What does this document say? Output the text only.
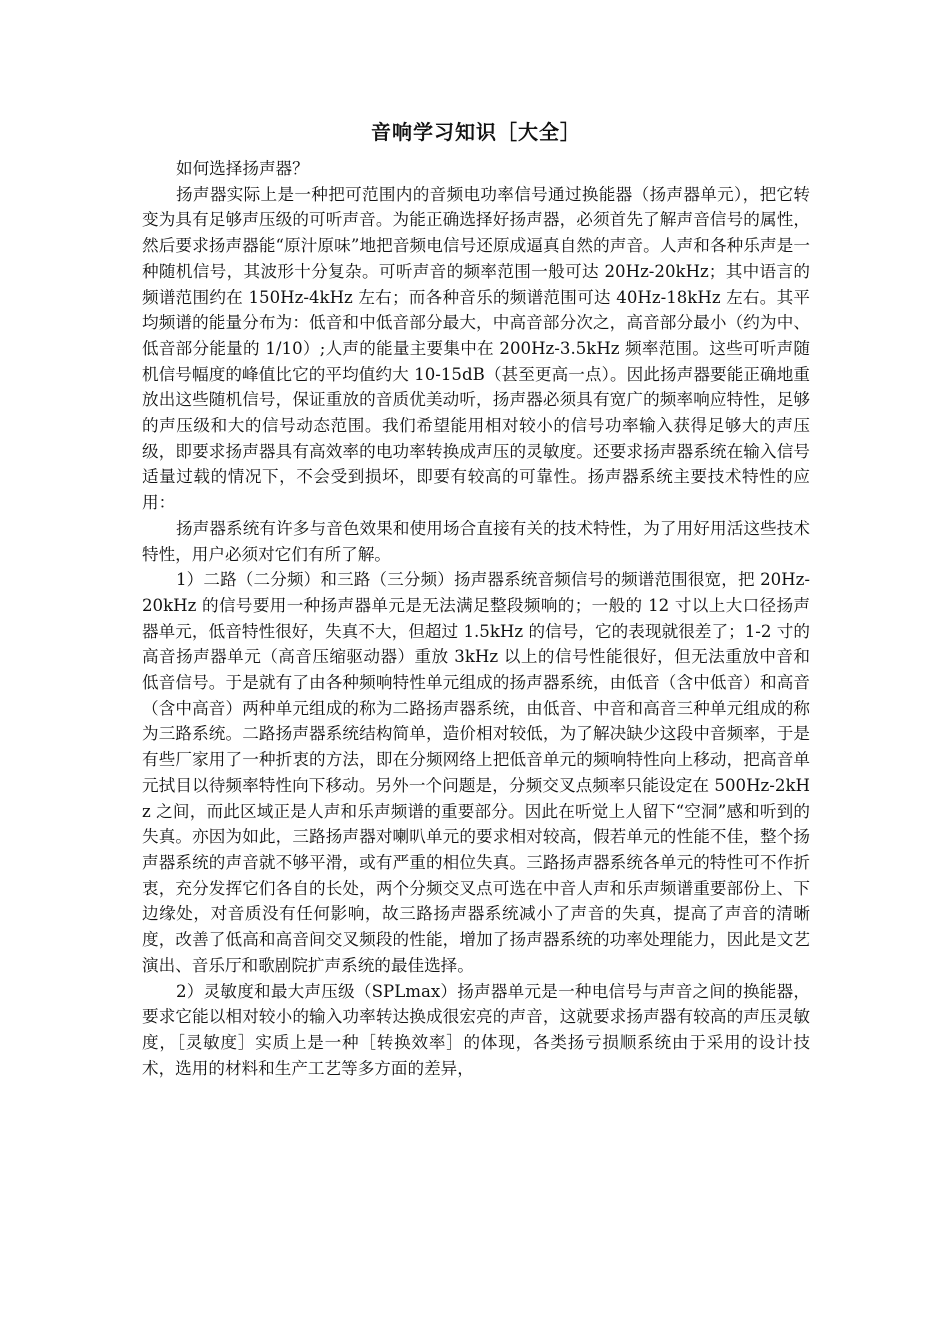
音响学习知识［大全］

如何选择扬声器？

扬声器实际上是一种把可范围内的音频电功率信号通过换能器（扬声器单元），把它转变为具有足够声压级的可听声音。为能正确选择好扬声器，必须首先了解声音信号的属性，然后要求扬声器能“原汁原味”地把音频电信号还原成逼真自然的声音。人声和各种乐声是一种随机信号，其波形十分复杂。可听声音的频率范围一般可达 20Hz-20kHz；其中语言的频谱范围约在 150Hz-4kHz 左右；而各种音乐的频谱范围可达 40Hz-18kHz 左右。其平均频谱的能量分布为：低音和中低音部分最大，中高音部分次之，高音部分最小（约为中、低音部分能量的 1/10）;人声的能量主要集中在 200Hz-3.5kHz 频率范围。这些可听声随机信号幅度的峰值比它的平均值约大 10-15dB（甚至更高一点）。因此扬声器要能正确地重放出这些随机信号，保证重放的音质优美动听，扬声器必须具有宽广的频率响应特性，足够的声压级和大的信号动态范围。我们希望能用相对较小的信号功率输入获得足够大的声压级，即要求扬声器具有高效率的电功率转换成声压的灵敏度。还要求扬声器系统在输入信号适量过载的情况下，不会受到损坏，即要有较高的可靠性。扬声器系统主要技术特性的应用：

扬声器系统有许多与音色效果和使用场合直接有关的技术特性，为了用好用活这些技术特性，用户必须对它们有所了解。

1）二路（二分频）和三路（三分频）扬声器系统音频信号的频谱范围很宽，把 20Hz-20kHz 的信号要用一种扬声器单元是无法满足整段频响的；一般的 12 寸以上大口径扬声器单元，低音特性很好，失真不大，但超过 1.5kHz 的信号，它的表现就很差了；1-2 寸的高音扬声器单元（高音压缩驱动器）重放 3kHz 以上的信号性能很好，但无法重放中音和低音信号。于是就有了由各种频响特性单元组成的扬声器系统，由低音（含中低音）和高音（含中高音）两种单元组成的称为二路扬声器系统，由低音、中音和高音三种单元组成的称为三路系统。二路扬声器系统结构简单，造价相对较低，为了解决缺少这段中音频率，于是有些厂家用了一种折衷的方法，即在分频网络上把低音单元的频响特性向上移动，把高音单元拭目以待频率特性向下移动。另外一个问题是，分频交叉点频率只能设定在 500Hz-2kHz 之间，而此区域正是人声和乐声频谱的重要部分。因此在听觉上人留下“空洞”感和听到的失真。亦因为如此，三路扬声器对喇叭单元的要求相对较高，假若单元的性能不佳，整个扬声器系统的声音就不够平滑，或有严重的相位失真。三路扬声器系统各单元的特性可不作折衷，充分发挥它们各自的长处，两个分频交叉点可选在中音人声和乐声频谱重要部份上、下边缘处，对音质没有任何影响，故三路扬声器系统减小了声音的失真，提高了声音的清晰度，改善了低高和高音间交叉频段的性能，增加了扬声器系统的功率处理能力，因此是文艺演出、音乐厅和歌剧院扩声系统的最佳选择。

2）灵敏度和最大声压级（SPLmax）扬声器单元是一种电信号与声音之间的换能器，要求它能以相对较小的输入功率转达换成很宏亮的声音，这就要求扬声器有较高的声压灵敏度，［灵敏度］实质上是一种［转换效率］的体现，各类扬亏损顺系统由于采用的设计技术，选用的材料和生产工艺等多方面的差异，
